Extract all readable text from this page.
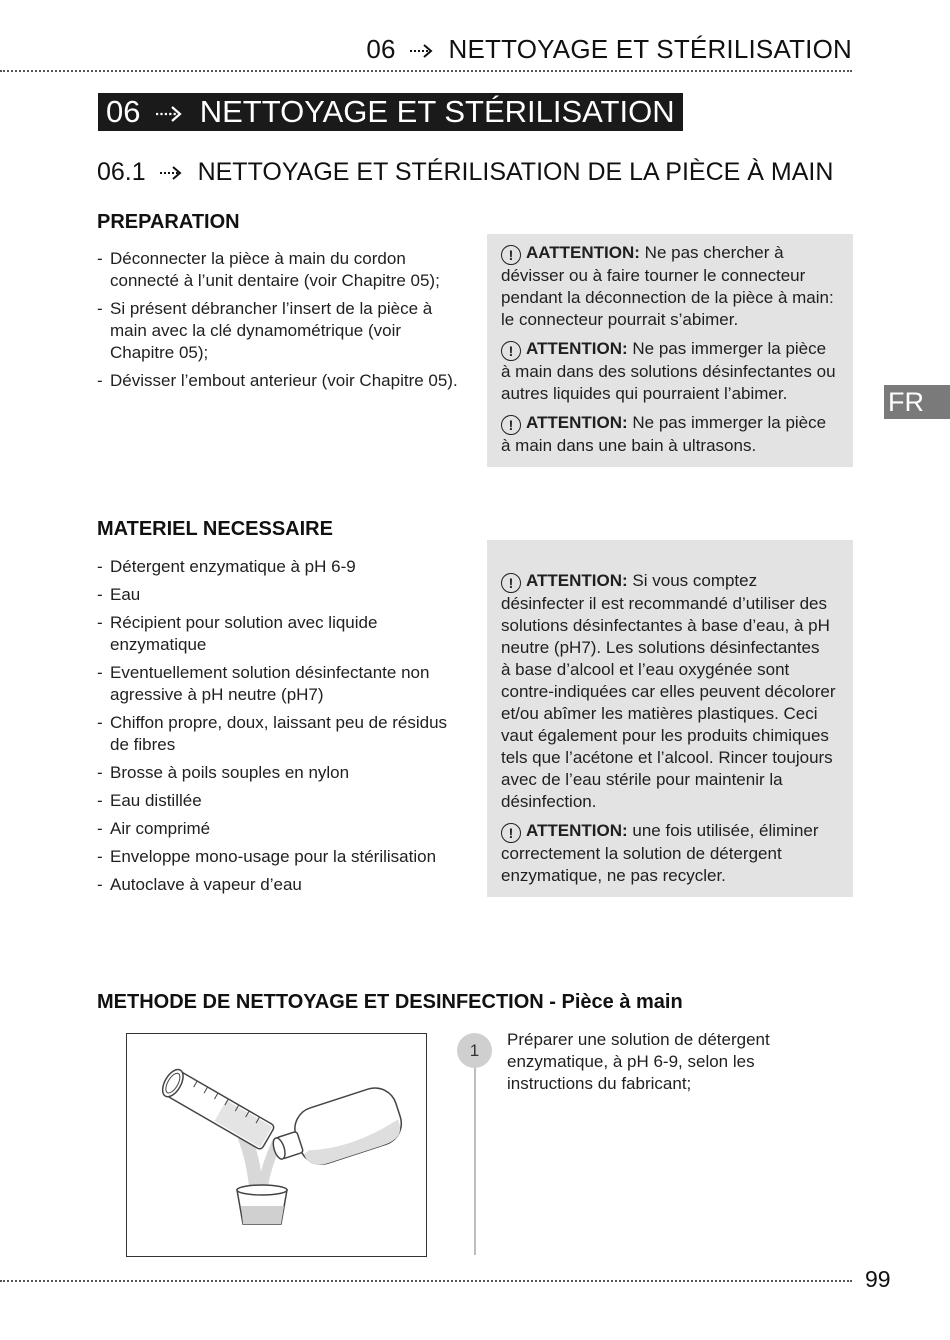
06 NETTOYAGE ET STÉRILISATION
06 NETTOYAGE ET STÉRILISATION
06.1 NETTOYAGE ET STÉRILISATION DE LA PIÈCE À MAIN
PREPARATION
- Déconnecter la pièce à main du cordon connecté à l’unit dentaire (voir Chapitre 05);
- Si présent débrancher l’insert de la pièce à main avec la clé dynamométrique (voir Chapitre 05);
- Dévisser l’embout anterieur (voir Chapitre 05).

! AATTENTION: Ne pas chercher à dévisser ou à faire tourner le connecteur pendant la déconnection de la pièce à main: le connecteur pourrait s’abimer.

! ATTENTION: Ne pas immerger la pièce à main dans des solutions désinfectantes ou autres liquides qui pourraient l’abimer.

! ATTENTION: Ne pas immerger la pièce à main dans une bain à ultrasons.

FR
MATERIEL NECESSAIRE
- Détergent enzymatique à pH 6-9
- Eau
- Récipient pour solution avec liquide enzymatique
- Eventuellement solution désinfectante non agressive à pH neutre (pH7)
- Chiffon propre, doux, laissant peu de résidus de fibres
- Brosse à poils souples en nylon
- Eau distillée
- Air comprimé
- Enveloppe mono-usage pour la stérilisation
- Autoclave à vapeur d’eau

! ATTENTION: Si vous comptez désinfecter il est recommandé d’utiliser des solutions désinfectantes à base d’eau, à pH neutre (pH7). Les solutions désinfectantes
à base d’alcool et l’eau oxygénée sont contre-indiquées car elles peuvent décolorer et/ou abîmer les matières plastiques. Ceci vaut également pour les produits chimiques tels que l’acétone et l’alcool. Rincer toujours avec de l’eau stérile pour maintenir la désinfection.

! ATTENTION: une fois utilisée, éliminer correctement la solution de détergent enzymatique, ne pas recycler.

METHODE DE NETTOYAGE ET DESINFECTION - Pièce à main
1
Préparer une solution de détergent enzymatique, à pH 6-9, selon les instructions du fabricant;
99
